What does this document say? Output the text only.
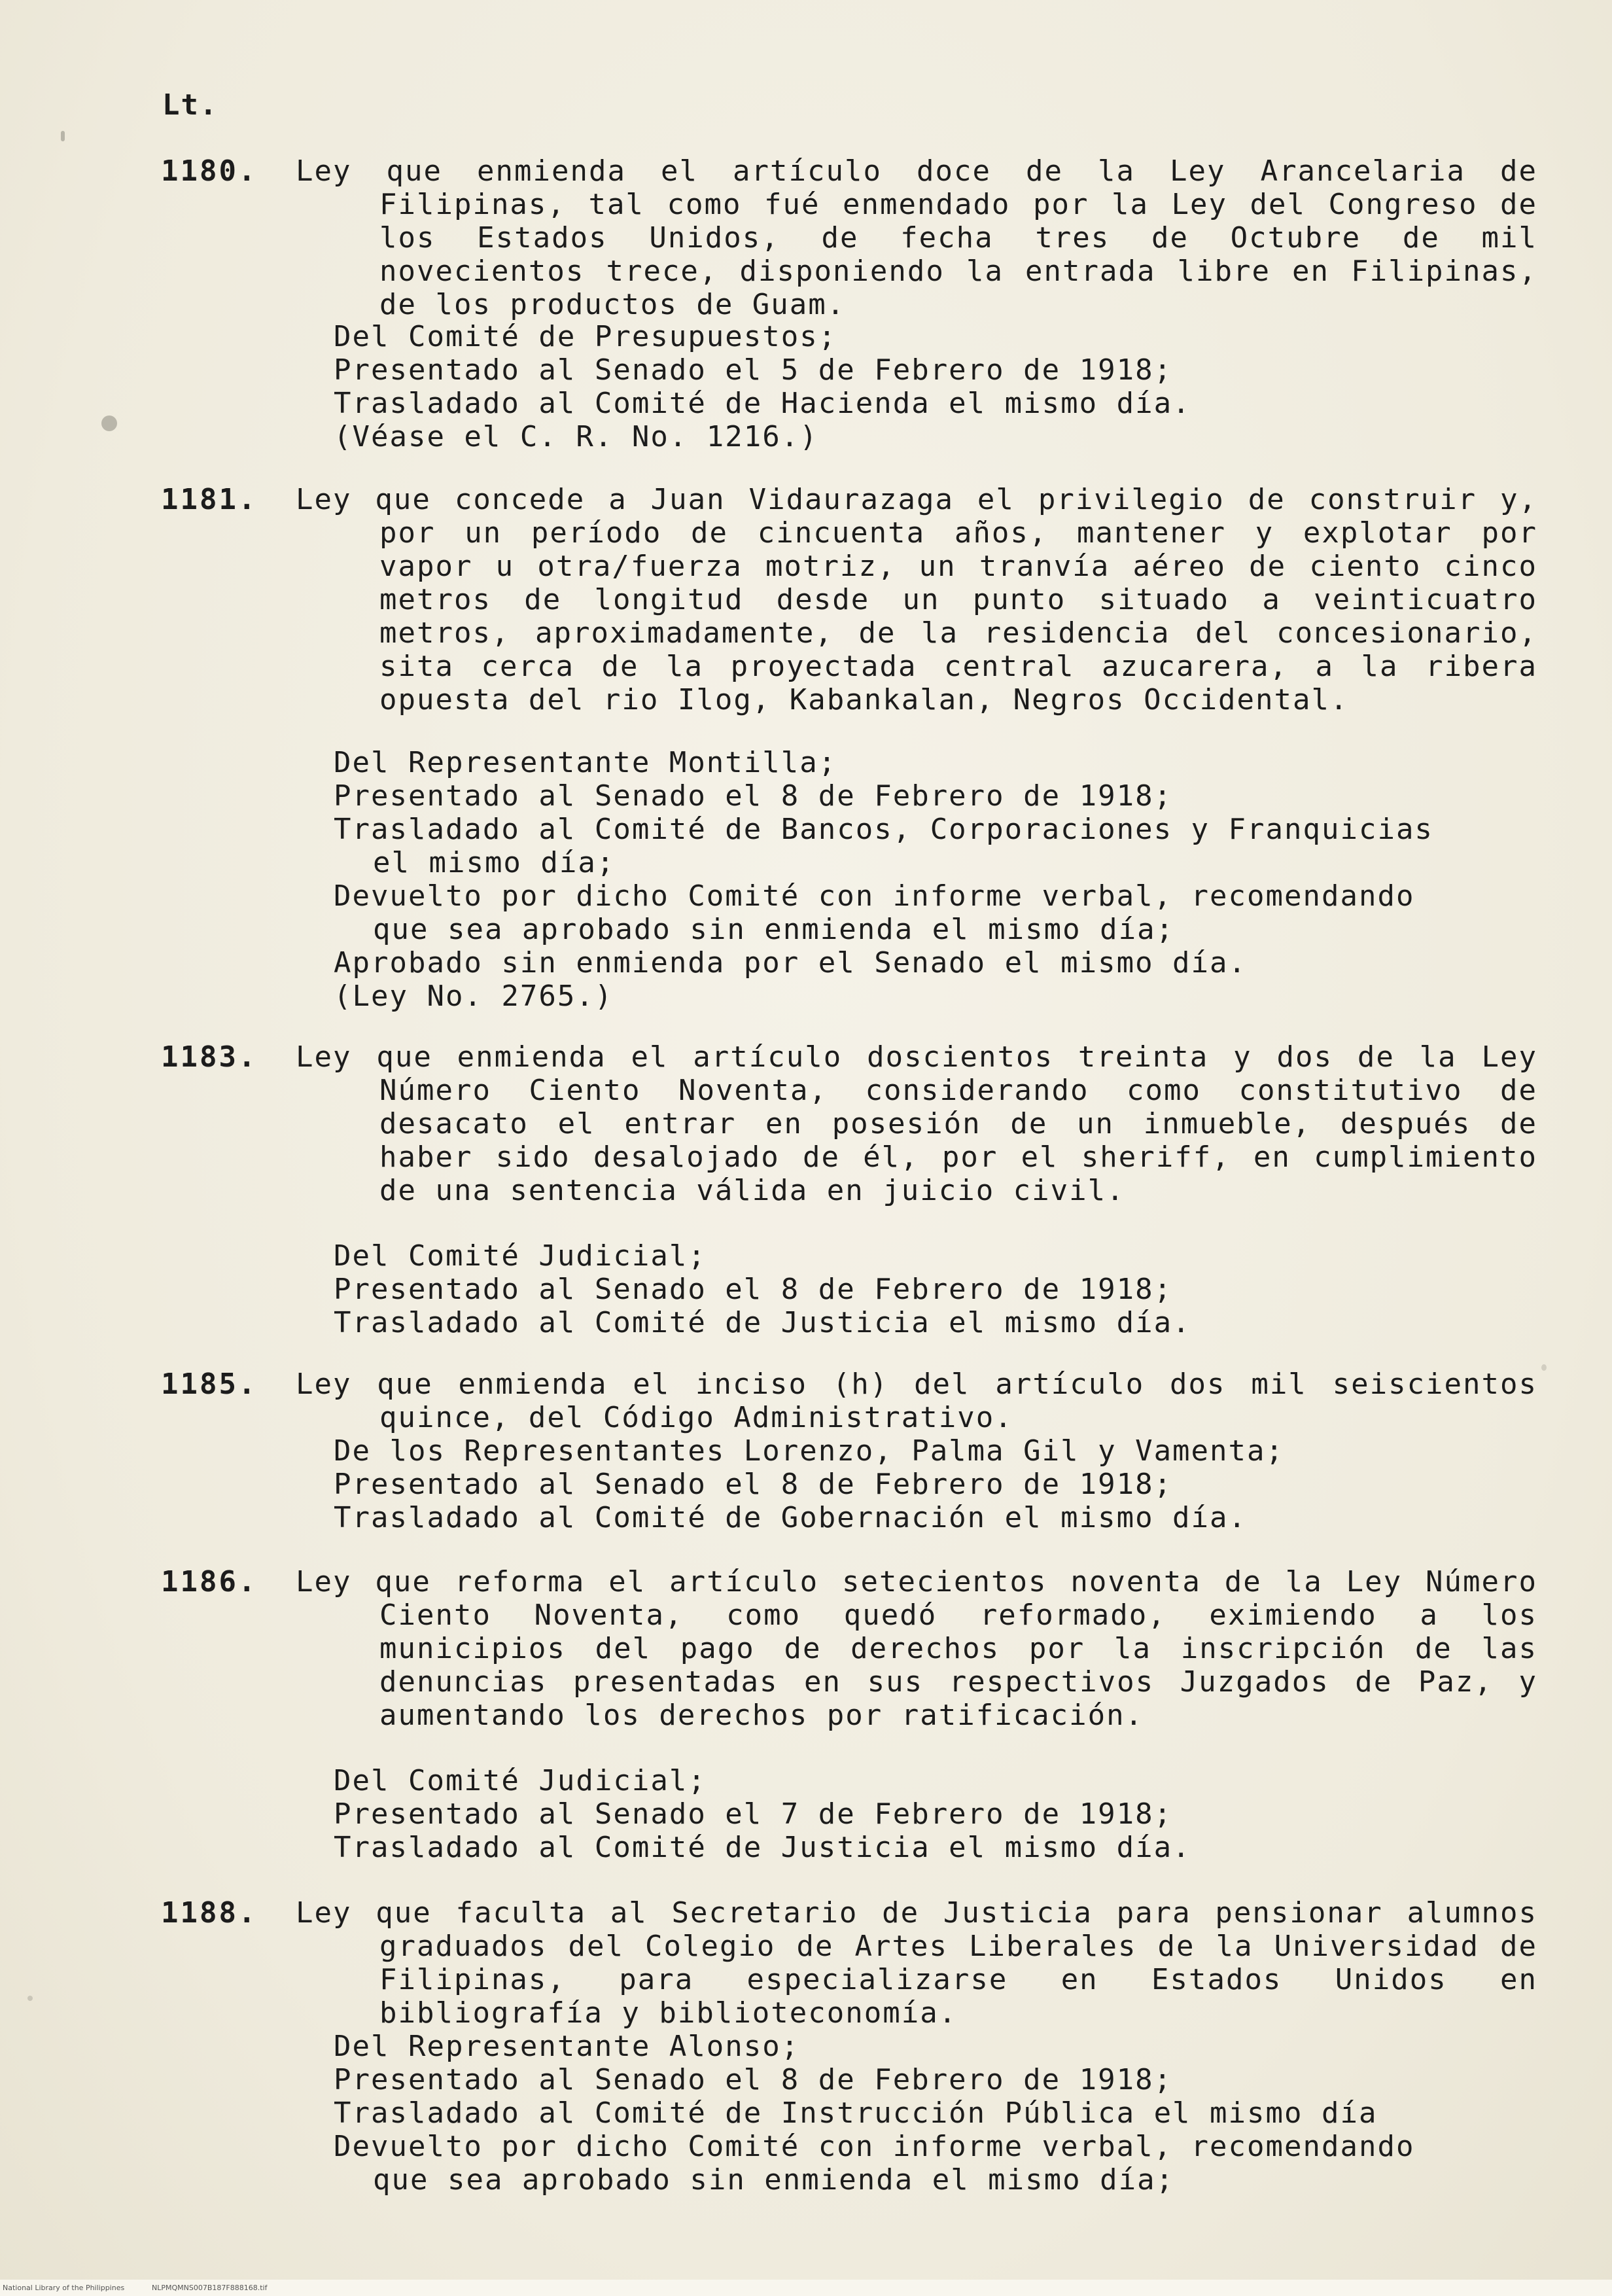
Lt.
1180. Ley que enmienda el artículo doce de la Ley Arancelaria de Filipinas, tal como fué enmendado por la Ley del Congreso de los Estados Unidos, de fecha tres de Octubre de mil novecientos trece, disponiendo la entrada libre en Filipinas, de los productos de Guam.
Del Comité de Presupuestos;
Presentado al Senado el 5 de Febrero de 1918;
Trasladado al Comité de Hacienda el mismo día.
(Véase el C. R. No. 1216.)
1181. Ley que concede a Juan Vidaurazaga el privilegio de construir y, por un período de cincuenta años, mantener y explotar por vapor u otra/fuerza motriz, un tranvía aéreo de ciento cinco metros de longitud desde un punto situado a veinticuatro metros, aproximadamente, de la residencia del concesionario, sita cerca de la proyectada central azucarera, a la ribera opuesta del rio Ilog, Kabankalan, Negros Occidental.
Del Representante Montilla;
Presentado al Senado el 8 de Febrero de 1918;
Trasladado al Comité de Bancos, Corporaciones y Franquicias el mismo día;
Devuelto por dicho Comité con informe verbal, recomendando que sea aprobado sin enmienda el mismo día;
Aprobado sin enmienda por el Senado el mismo día.
(Ley No. 2765.)
1183. Ley que enmienda el artículo doscientos treinta y dos de la Ley Número Ciento Noventa, considerando como constitutivo de desacato el entrar en posesión de un inmueble, después de haber sido desalojado de él, por el sheriff, en cumplimiento de una sentencia válida en juicio civil.
Del Comité Judicial;
Presentado al Senado el 8 de Febrero de 1918;
Trasladado al Comité de Justicia el mismo día.
1185. Ley que enmienda el inciso (h) del artículo dos mil seiscientos quince, del Código Administrativo.
De los Representantes Lorenzo, Palma Gil y Vamenta;
Presentado al Senado el 8 de Febrero de 1918;
Trasladado al Comité de Gobernación el mismo día.
1186. Ley que reforma el artículo setecientos noventa de la Ley Número Ciento Noventa, como quedó reformado, eximiendo a los municipios del pago de derechos por la inscripción de las denuncias presentadas en sus respectivos Juzgados de Paz, y aumentando los derechos por ratificación.
Del Comité Judicial;
Presentado al Senado el 7 de Febrero de 1918;
Trasladado al Comité de Justicia el mismo día.
1188. Ley que faculta al Secretario de Justicia para pensionar alumnos graduados del Colegio de Artes Liberales de la Universidad de Filipinas, para especializarse en Estados Unidos en bibliografía y biblioteconomía.
Del Representante Alonso;
Presentado al Senado el 8 de Febrero de 1918;
Trasladado al Comité de Instrucción Pública el mismo día
Devuelto por dicho Comité con informe verbal, recomendando que sea aprobado sin enmienda el mismo día;
National Library of the Philippines	NLPMQMNS007B187F888168.tif
